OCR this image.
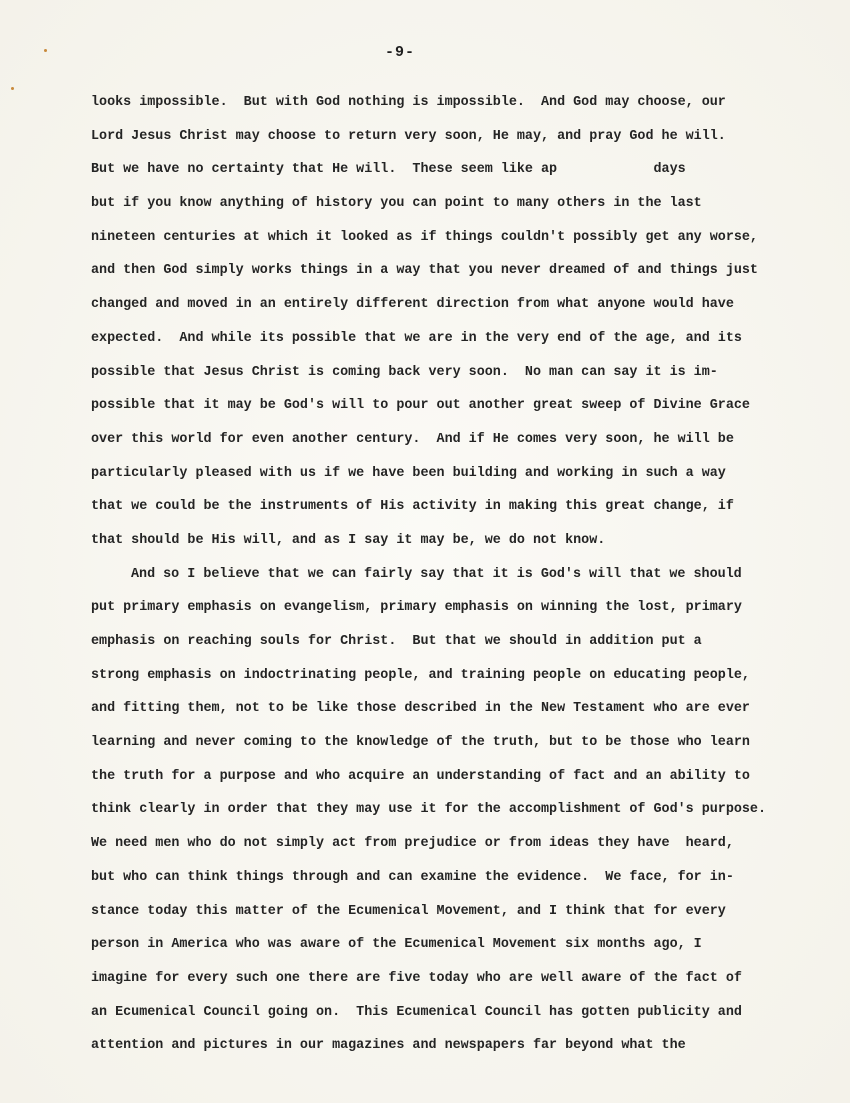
-9-
looks impossible.  But with God nothing is impossible.  And God may choose, our
Lord Jesus Christ may choose to return very soon, He may, and pray God he will.
But we have no certainty that He will.  These seem like ap            days
but if you know anything of history you can point to many others in the last
nineteen centuries at which it looked as if things couldn't possibly get any worse,
and then God simply works things in a way that you never dreamed of and things just
changed and moved in an entirely different direction from what anyone would have
expected.  And while its possible that we are in the very end of the age, and its
possible that Jesus Christ is coming back very soon.  No man can say it is im-
possible that it may be God's will to pour out another great sweep of Divine Grace
over this world for even another century.  And if He comes very soon, he will be
particularly pleased with us if we have been building and working in such a way
that we could be the instruments of His activity in making this great change, if
that should be His will, and as I say it may be, we do not know.
And so I believe that we can fairly say that it is God's will that we should
put primary emphasis on evangelism, primary emphasis on winning the lost, primary
emphasis on reaching souls for Christ.  But that we should in addition put a
strong emphasis on indoctrinating people, and training people on educating people,
and fitting them, not to be like those described in the New Testament who are ever
learning and never coming to the knowledge of the truth, but to be those who learn
the truth for a purpose and who acquire an understanding of fact and an ability to
think clearly in order that they may use it for the accomplishment of God's purpose.
We need men who do not simply act from prejudice or from ideas they have  heard,
but who can think things through and can examine the evidence.  We face, for in-
stance today this matter of the Ecumenical Movement, and I think that for every
person in America who was aware of the Ecumenical Movement six months ago, I
imagine for every such one there are five today who are well aware of the fact of
an Ecumenical Council going on.  This Ecumenical Council has gotten publicity and
attention and pictures in our magazines and newspapers far beyond what the
